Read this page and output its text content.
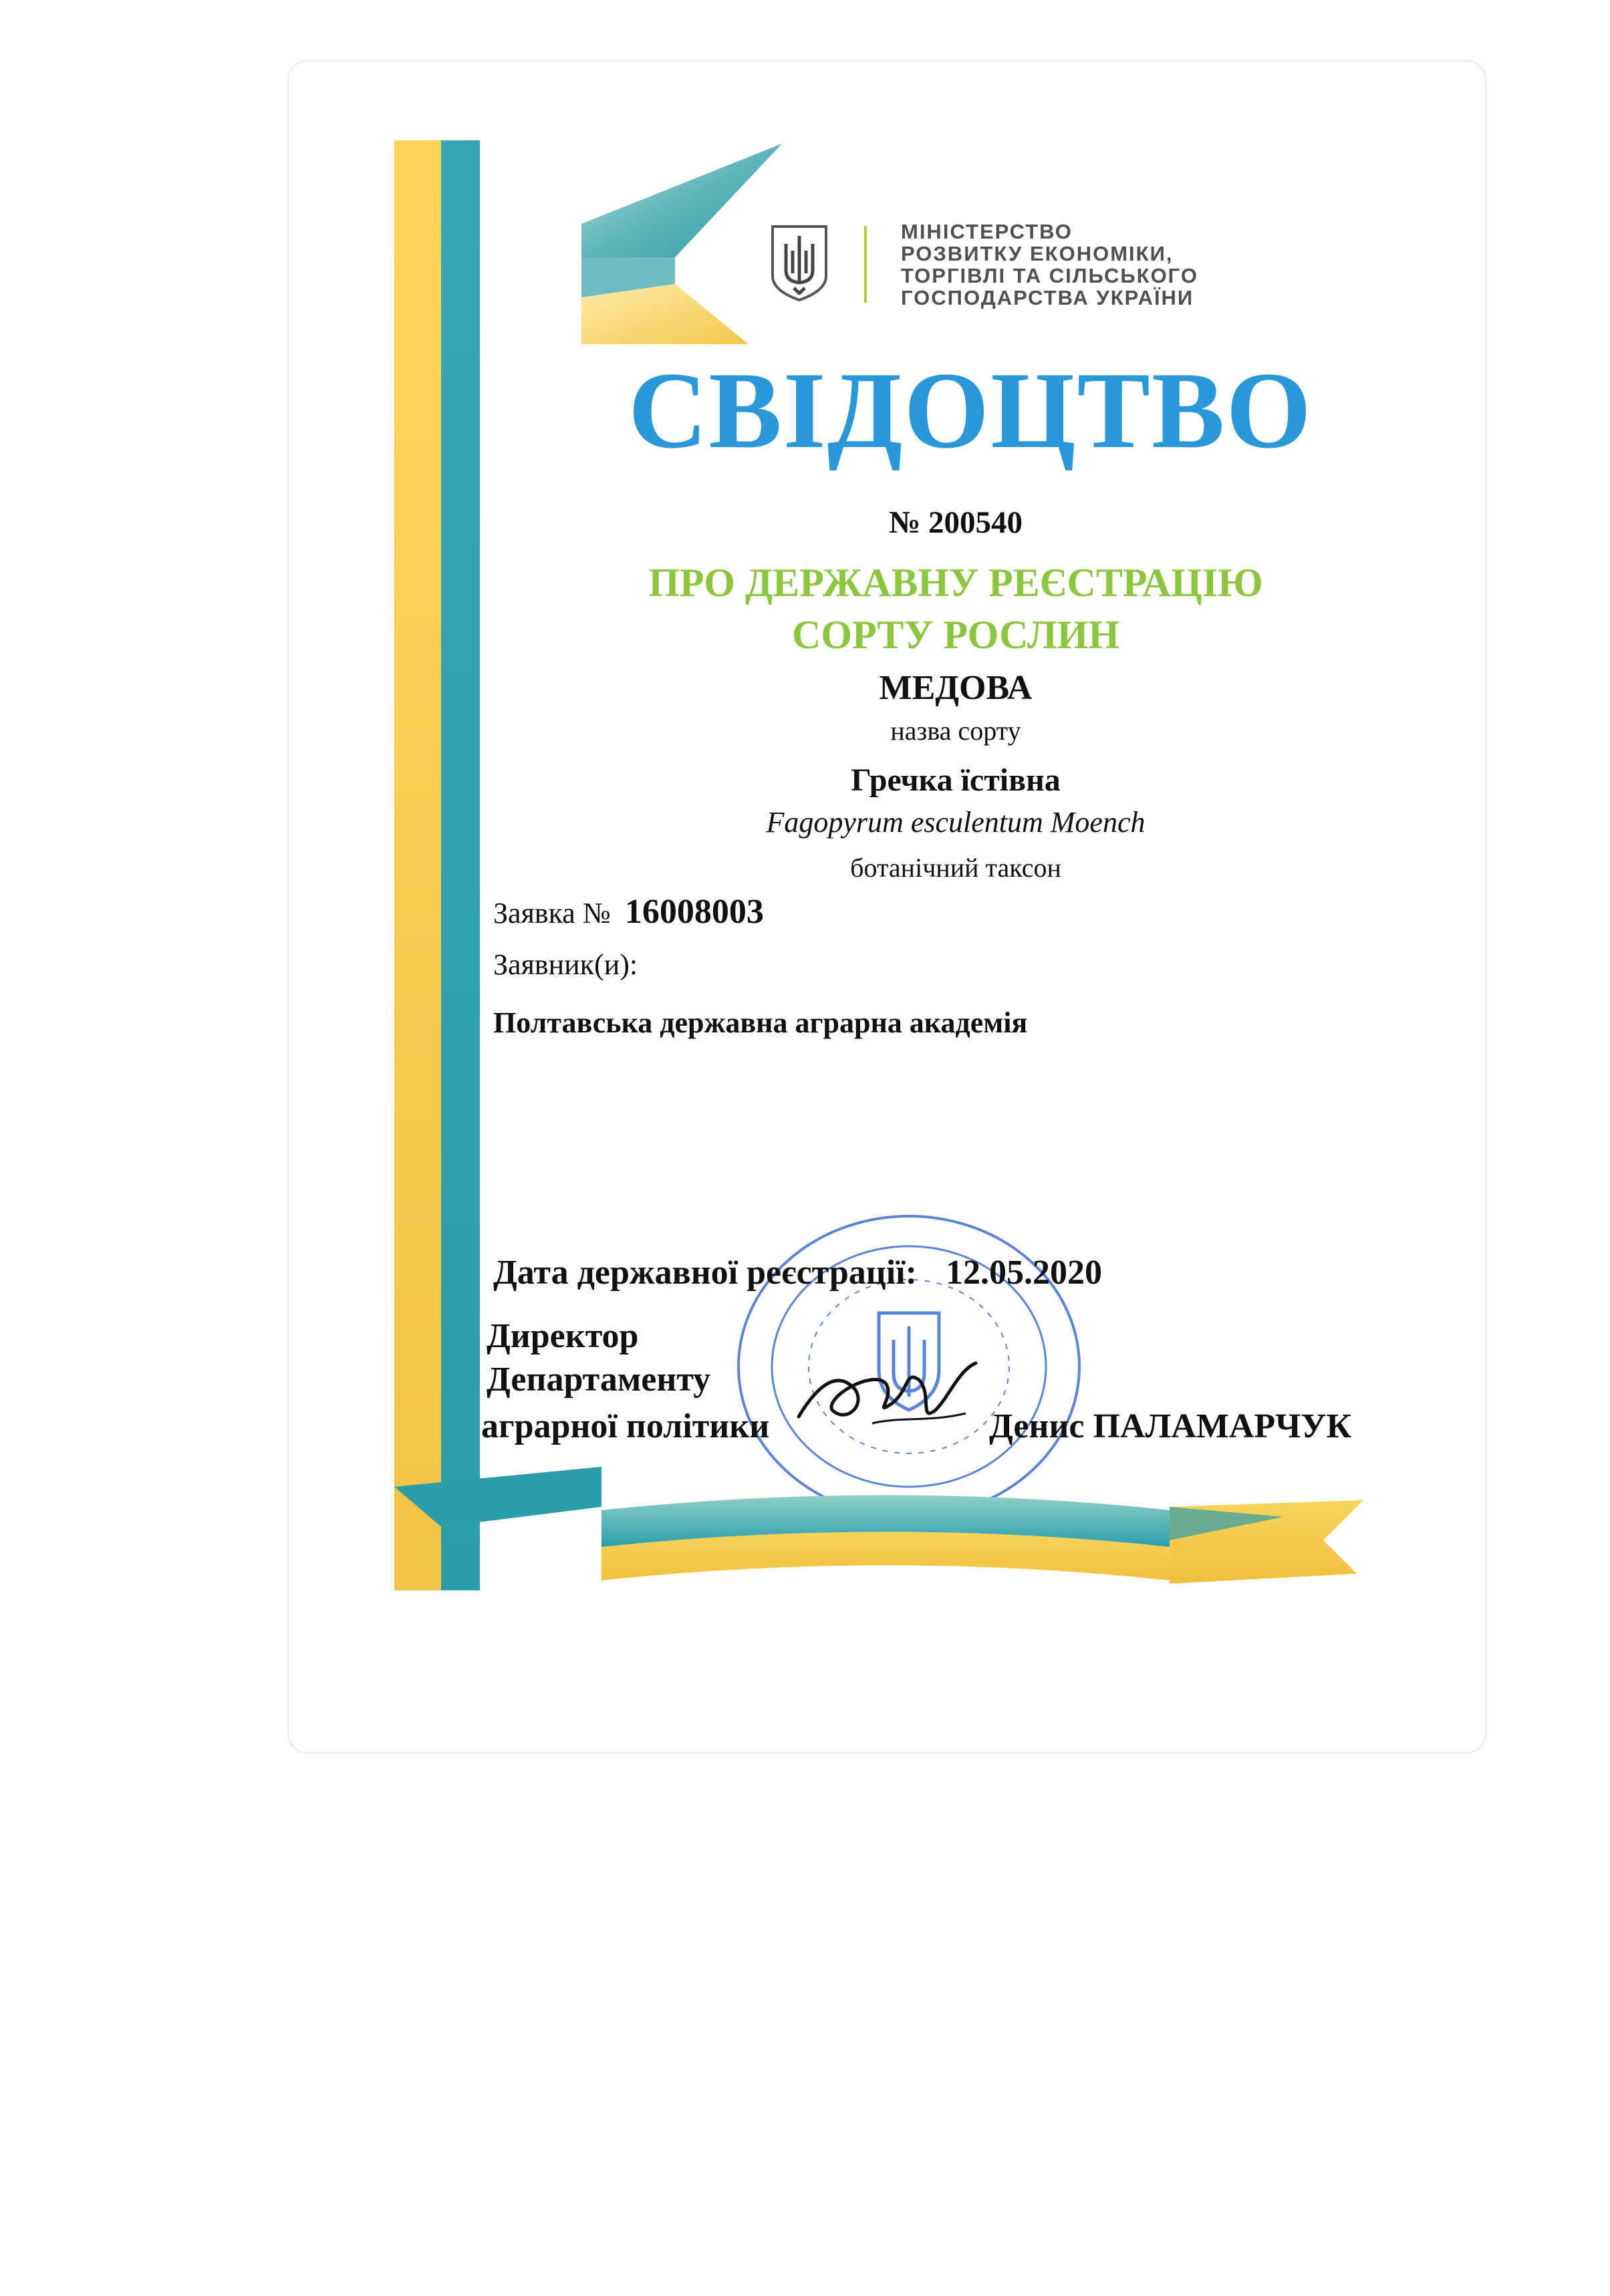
МІНІСТЕРСТВО
РОЗВИТКУ ЕКОНОМІКИ,
ТОРГІВЛІ ТА СІЛЬСЬКОГО
ГОСПОДАРСТВА УКРАЇНИ
СВІДОЦТВО
№ 200540
ПРО ДЕРЖАВНУ РЕЄСТРАЦІЮ
СОРТУ РОСЛИН
МЕДОВА
назва сорту
Гречка їстівна
Fagopyrum esculentum Moench
ботанічний таксон
Заявка № 16008003
Заявник(и):
Полтавська державна аграрна академія
Дата державної реєстрації: 12.05.2020
Директор
Департаменту
аграрної політики	Денис ПАЛАМАРЧУК
